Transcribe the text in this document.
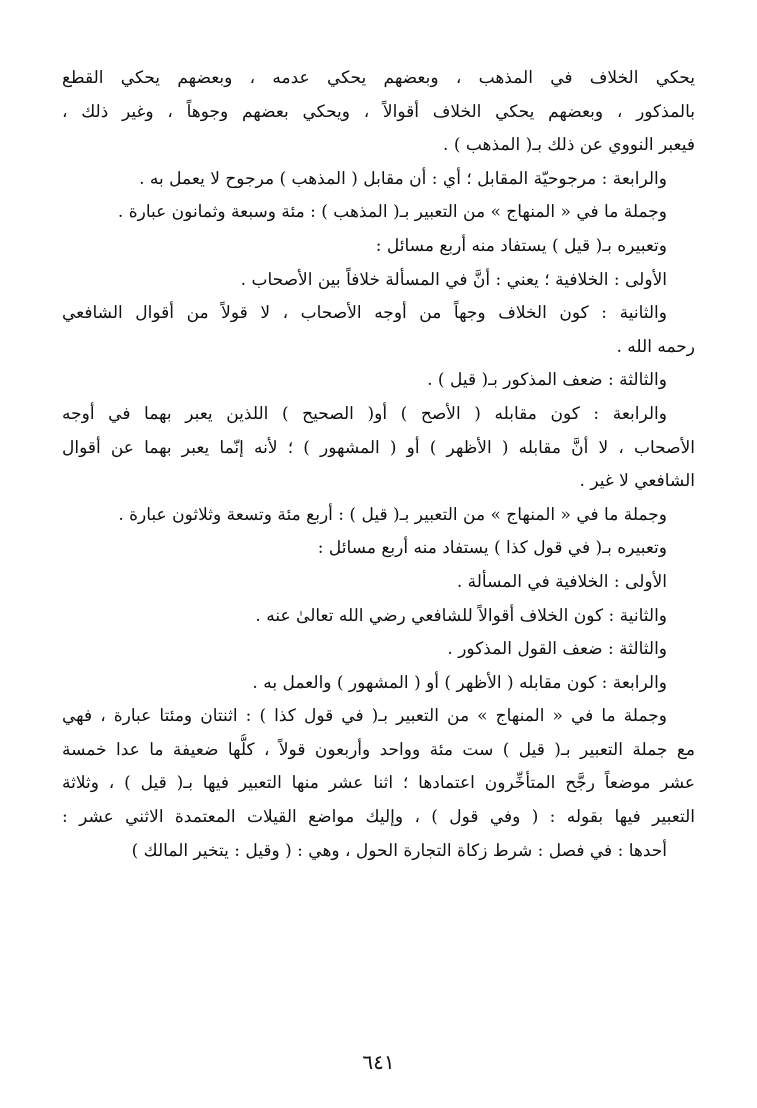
يحكي الخلاف في المذهب ، وبعضهم يحكي عدمه ، وبعضهم يحكي القطع
بالمذكور ، وبعضهم يحكي الخلاف أقوالاً ، ويحكي بعضهم وجوهاً ، وغير ذلك ،
فيعبر النووي عن ذلك بـ( المذهب ) .
والرابعة : مرجوحيّة المقابل ؛ أي : أن مقابل ( المذهب ) مرجوح لا يعمل به .
وجملة ما في « المنهاج » من التعبير بـ( المذهب ) : مئة وسبعة وثمانون عبارة .
وتعبيره بـ( قيل ) يستفاد منه أربع مسائل :
الأولى : الخلافية ؛ يعني : أنَّ في المسألة خلافاً بين الأصحاب .
والثانية : كون الخلاف وجهاً من أوجه الأصحاب ، لا قولاً من أقوال الشافعي
رحمه الله .
والثالثة : ضعف المذكور بـ( قيل ) .
والرابعة : كون مقابله ( الأصح ) أو( الصحيح ) اللذين يعبر بهما في أوجه
الأصحاب ، لا أنَّ مقابله ( الأظهر ) أو ( المشهور ) ؛ لأنه إنّما يعبر بهما عن أقوال
الشافعي لا غير .
وجملة ما في « المنهاج » من التعبير بـ( قيل ) : أربع مئة وتسعة وثلاثون عبارة .
وتعبيره بـ( في قول كذا ) يستفاد منه أربع مسائل :
الأولى : الخلافية في المسألة .
والثانية : كون الخلاف أقوالاً للشافعي رضي الله تعالىٰ عنه .
والثالثة : ضعف القول المذكور .
والرابعة : كون مقابله ( الأظهر ) أو ( المشهور ) والعمل به .
وجملة ما في « المنهاج » من التعبير بـ( في قول كذا ) : اثنتان ومئتا عبارة ، فهي
مع جملة التعبير بـ( قيل ) ست مئة وواحد وأربعون قولاً ، كلُّها ضعيفة ما عدا خمسة
عشر موضعاً رجَّح المتأخِّرون اعتمادها ؛ اثنا عشر منها التعبير فيها بـ( قيل ) ، وثلاثة
التعبير فيها بقوله : ( وفي قول ) ، وإليك مواضع القيلات المعتمدة الاثني عشر :
أحدها : في فصل : شرط زكاة التجارة الحول ، وهي : ( وقيل : يتخير المالك )
٦٤١
